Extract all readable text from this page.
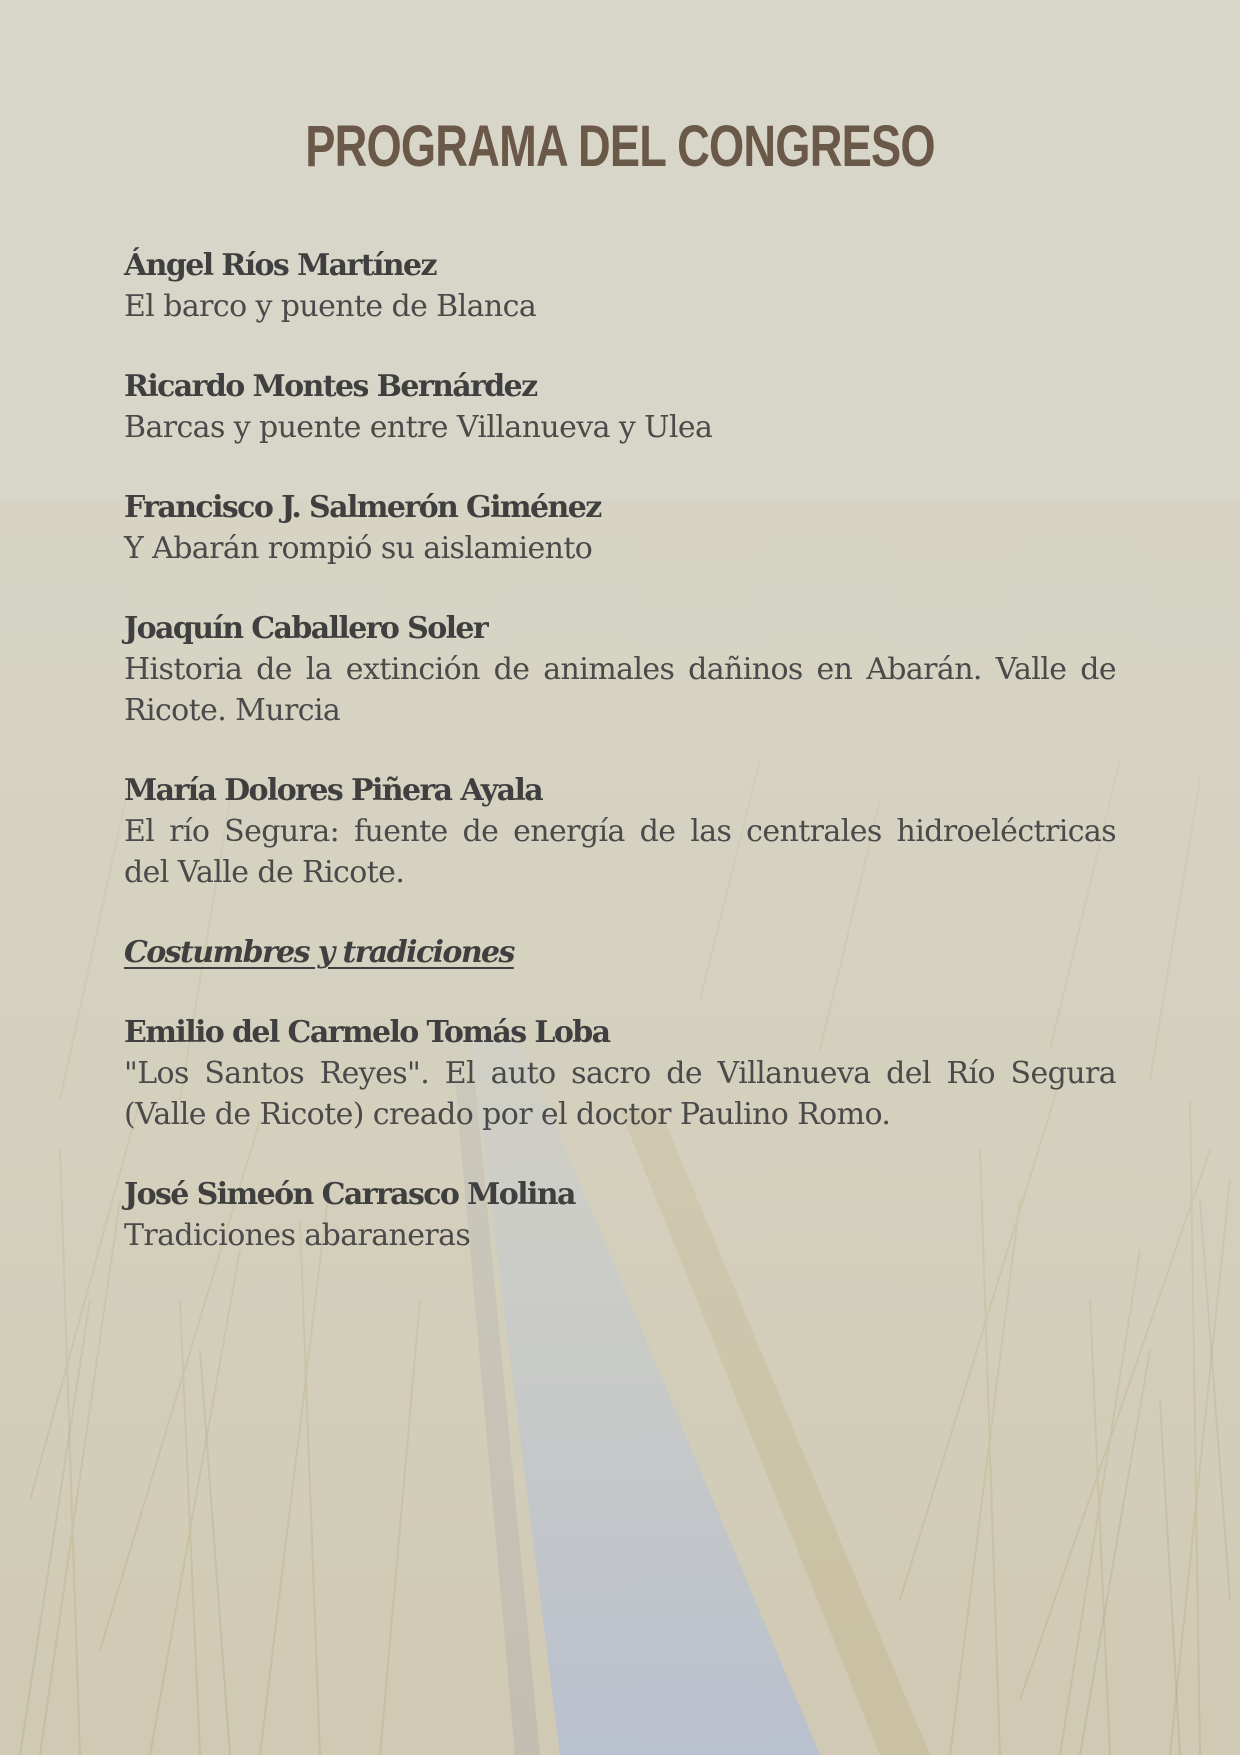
PROGRAMA DEL CONGRESO
Ángel Ríos Martínez
El barco y puente de Blanca
Ricardo Montes Bernárdez
Barcas y puente entre Villanueva y Ulea
Francisco J. Salmerón Giménez
Y Abarán rompió su aislamiento
Joaquín Caballero Soler
Historia de la extinción de animales dañinos en Abarán. Valle de Ricote. Murcia
María Dolores Piñera Ayala
El río Segura: fuente de energía de las centrales hidroeléctricas del Valle de Ricote.
Costumbres y tradiciones
Emilio del Carmelo Tomás Loba
"Los Santos Reyes". El auto sacro de Villanueva del Río Segura (Valle de Ricote) creado por el doctor Paulino Romo.
José Simeón Carrasco Molina
Tradiciones abaraneras
